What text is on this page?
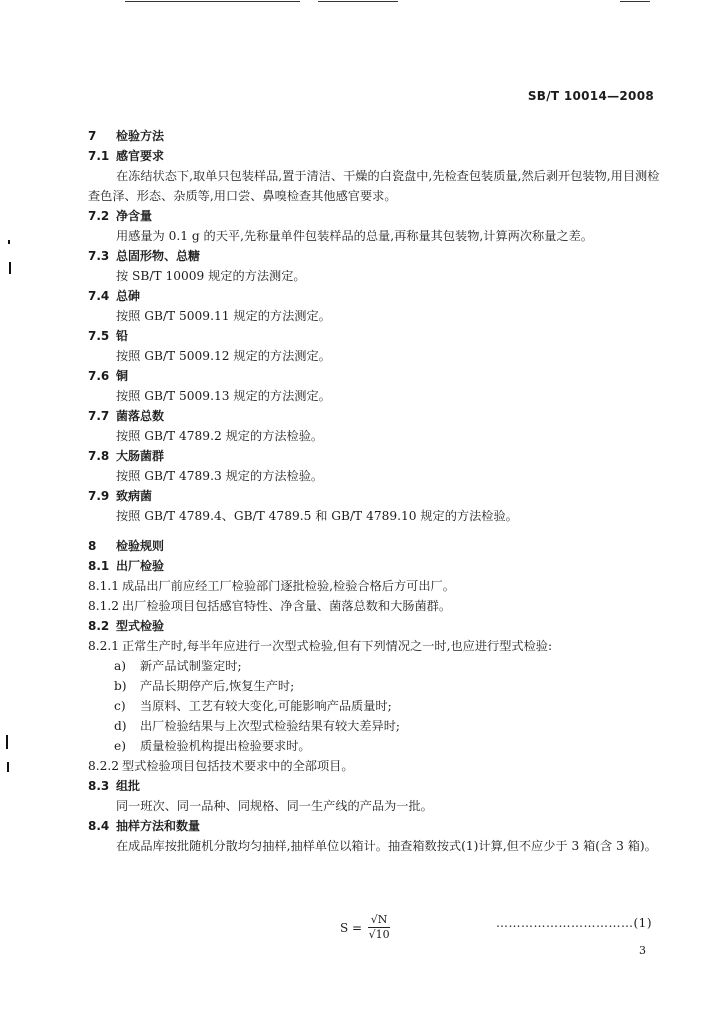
SB/T 10014—2008
7 检验方法
7.1 感官要求
在冻结状态下,取单只包装样品,置于清洁、干燥的白瓷盘中,先检查包装质量,然后剥开包装物,用目测检查色泽、形态、杂质等,用口尝、鼻嗅检查其他感官要求。
7.2 净含量
用感量为 0.1 g 的天平,先称量单件包装样品的总量,再称量其包装物,计算两次称量之差。
7.3 总固形物、总糖
按 SB/T 10009 规定的方法测定。
7.4 总砷
按照 GB/T 5009.11 规定的方法测定。
7.5 铅
按照 GB/T 5009.12 规定的方法测定。
7.6 铜
按照 GB/T 5009.13 规定的方法测定。
7.7 菌落总数
按照 GB/T 4789.2 规定的方法检验。
7.8 大肠菌群
按照 GB/T 4789.3 规定的方法检验。
7.9 致病菌
按照 GB/T 4789.4、GB/T 4789.5 和 GB/T 4789.10 规定的方法检验。
8 检验规则
8.1 出厂检验
8.1.1 成品出厂前应经工厂检验部门逐批检验,检验合格后方可出厂。
8.1.2 出厂检验项目包括感官特性、净含量、菌落总数和大肠菌群。
8.2 型式检验
8.2.1 正常生产时,每半年应进行一次型式检验,但有下列情况之一时,也应进行型式检验:
a) 新产品试制鉴定时;
b) 产品长期停产后,恢复生产时;
c) 当原料、工艺有较大变化,可能影响产品质量时;
d) 出厂检验结果与上次型式检验结果有较大差异时;
e) 质量检验机构提出检验要求时。
8.2.2 型式检验项目包括技术要求中的全部项目。
8.3 组批
同一班次、同一品种、同规格、同一生产线的产品为一批。
8.4 抽样方法和数量
在成品库按批随机分散均匀抽样,抽样单位以箱计。抽查箱数按式(1)计算,但不应少于 3 箱(含 3 箱)。
$S = \frac{√N}{√10}$	……………………………(1)
3
